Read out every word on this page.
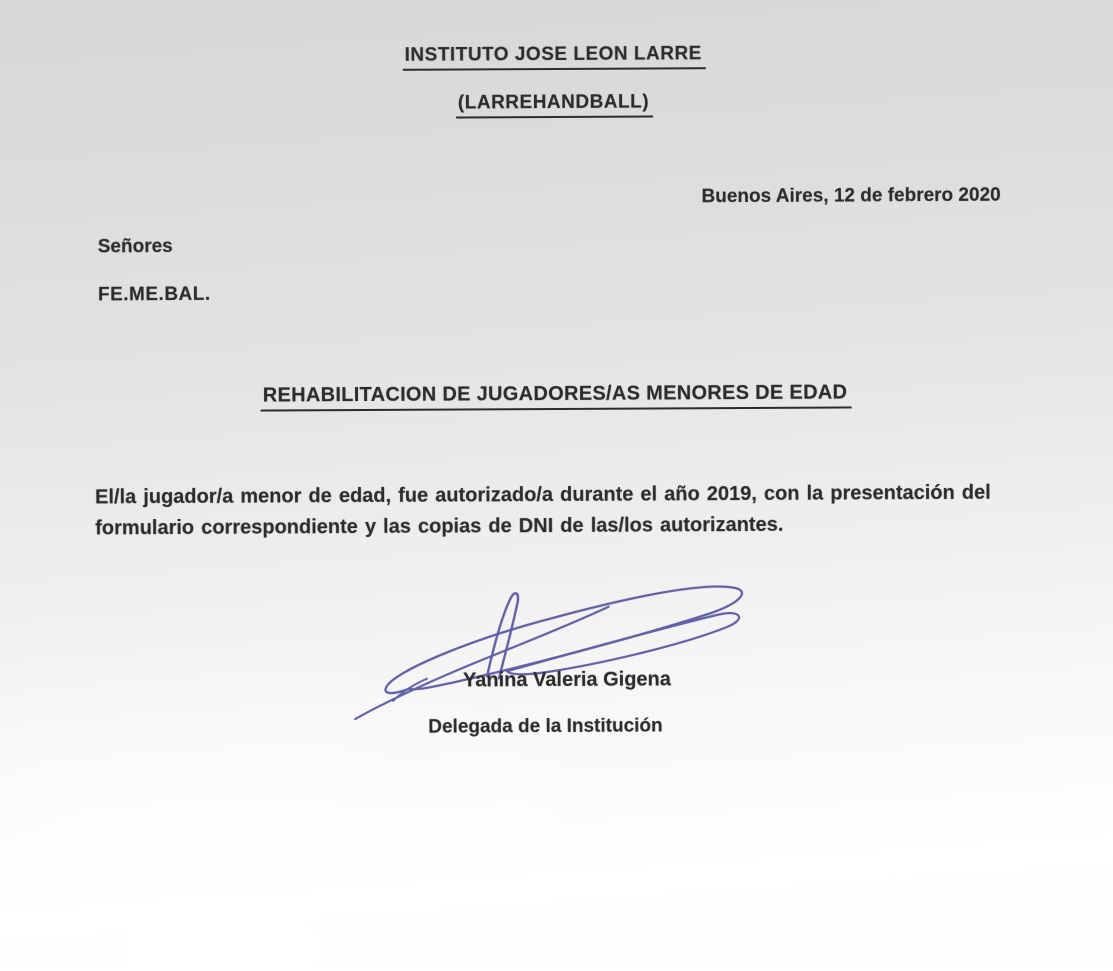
INSTITUTO JOSE LEON LARRE
(LARREHANDBALL)
Buenos Aires, 12 de febrero 2020
Señores
FE.ME.BAL.
REHABILITACION DE JUGADORES/AS MENORES DE EDAD
El/la jugador/a menor de edad, fue autorizado/a durante el año 2019, con la presentación del formulario correspondiente y las copias de DNI de las/los autorizantes.
Yanina Valeria Gigena
Delegada de la Institución
